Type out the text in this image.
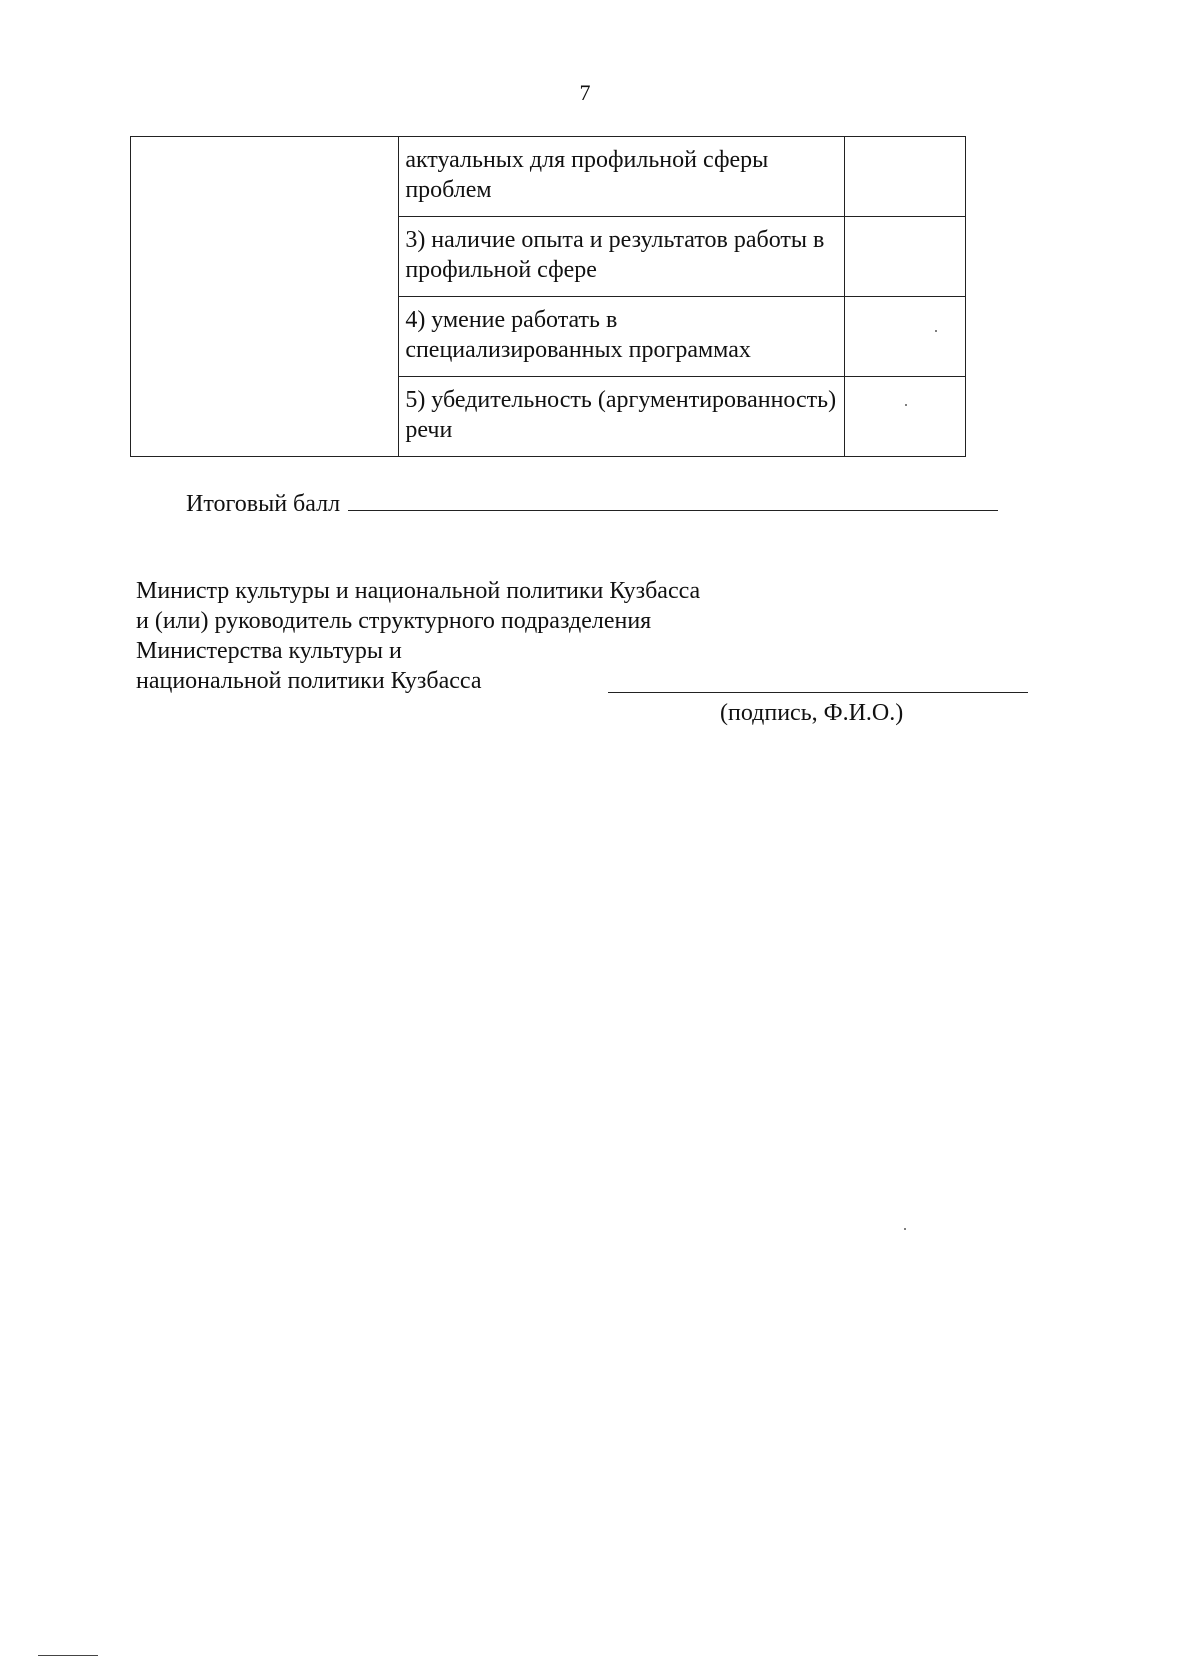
7
	актуальных для профильной сферы проблем	
	3) наличие опыта и результатов работы в профильной сфере	
	4) умение работать в специализированных программах	
	5) убедительность (аргументированность) речи	
Итоговый балл
Министр культуры и национальной политики Кузбасса
и (или) руководитель структурного подразделения
Министерства культуры и
национальной политики Кузбасса
(подпись, Ф.И.О.)
